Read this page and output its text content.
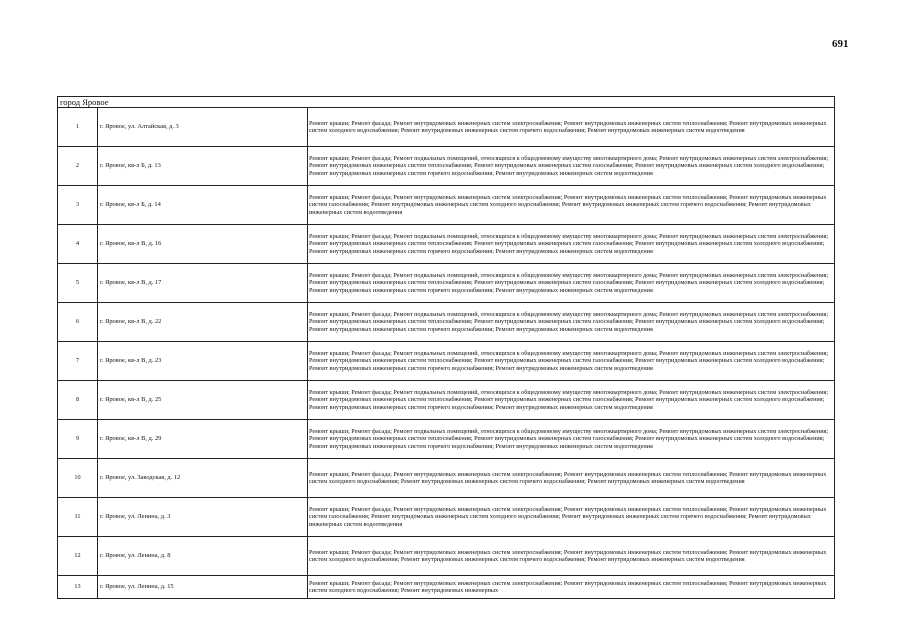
691
город Яровое		
1	г. Яровое, ул. Алтайская, д. 3	Ремонт крыши; Ремонт фасада; Ремонт внутридомовых инженерных систем электроснабжения; Ремонт внутридомовых инженерных систем теплоснабжения; Ремонт внутридомовых инженерных систем холодного водоснабжения; Ремонт внутридомовых инженерных систем горячего водоснабжения; Ремонт внутридомовых инженерных систем водоотведения
2	г. Яровое, кв-л Б, д. 13	Ремонт крыши; Ремонт фасада; Ремонт подвальных помещений, относящихся к общедомовому имуществу многоквартирного дома; Ремонт внутридомовых инженерных систем электроснабжения; Ремонт внутридомовых инженерных систем теплоснабжения; Ремонт внутридомовых инженерных систем газоснабжения; Ремонт внутридомовых инженерных систем холодного водоснабжения; Ремонт внутридомовых инженерных систем горячего водоснабжения; Ремонт внутридомовых инженерных систем водоотведения
3	г. Яровое, кв-л Б, д. 14	Ремонт крыши; Ремонт фасада; Ремонт внутридомовых инженерных систем электроснабжения; Ремонт внутридомовых инженерных систем теплоснабжения; Ремонт внутридомовых инженерных систем газоснабжения; Ремонт внутридомовых инженерных систем холодного водоснабжения; Ремонт внутридомовых инженерных систем горячего водоснабжения; Ремонт внутридомовых инженерных систем водоотведения
4	г. Яровое, кв-л В, д. 16	Ремонт крыши; Ремонт фасада; Ремонт подвальных помещений, относящихся к общедомовому имуществу многоквартирного дома; Ремонт внутридомовых инженерных систем электроснабжения; Ремонт внутридомовых инженерных систем теплоснабжения; Ремонт внутридомовых инженерных систем газоснабжения; Ремонт внутридомовых инженерных систем холодного водоснабжения; Ремонт внутридомовых инженерных систем горячего водоснабжения; Ремонт внутридомовых инженерных систем водоотведения
5	г. Яровое, кв-л В, д. 17	Ремонт крыши; Ремонт фасада; Ремонт подвальных помещений, относящихся к общедомовому имуществу многоквартирного дома; Ремонт внутридомовых инженерных систем электроснабжения; Ремонт внутридомовых инженерных систем теплоснабжения; Ремонт внутридомовых инженерных систем газоснабжения; Ремонт внутридомовых инженерных систем холодного водоснабжения; Ремонт внутридомовых инженерных систем горячего водоснабжения; Ремонт внутридомовых инженерных систем водоотведения
6	г. Яровое, кв-л В, д. 22	Ремонт крыши; Ремонт фасада; Ремонт подвальных помещений, относящихся к общедомовому имуществу многоквартирного дома; Ремонт внутридомовых инженерных систем электроснабжения; Ремонт внутридомовых инженерных систем теплоснабжения; Ремонт внутридомовых инженерных систем газоснабжения; Ремонт внутридомовых инженерных систем холодного водоснабжения; Ремонт внутридомовых инженерных систем горячего водоснабжения; Ремонт внутридомовых инженерных систем водоотведения
7	г. Яровое, кв-л В, д. 23	Ремонт крыши; Ремонт фасада; Ремонт подвальных помещений, относящихся к общедомовому имуществу многоквартирного дома; Ремонт внутридомовых инженерных систем электроснабжения; Ремонт внутридомовых инженерных систем теплоснабжения; Ремонт внутридомовых инженерных систем газоснабжения; Ремонт внутридомовых инженерных систем холодного водоснабжения; Ремонт внутридомовых инженерных систем горячего водоснабжения; Ремонт внутридомовых инженерных систем водоотведения
8	г. Яровое, кв-л В, д. 25	Ремонт крыши; Ремонт фасада; Ремонт подвальных помещений, относящихся к общедомовому имуществу многоквартирного дома; Ремонт внутридомовых инженерных систем электроснабжения; Ремонт внутридомовых инженерных систем теплоснабжения; Ремонт внутридомовых инженерных систем газоснабжения; Ремонт внутридомовых инженерных систем холодного водоснабжения; Ремонт внутридомовых инженерных систем горячего водоснабжения; Ремонт внутридомовых инженерных систем водоотведения
9	г. Яровое, кв-л В, д. 29	Ремонт крыши; Ремонт фасада; Ремонт подвальных помещений, относящихся к общедомовому имуществу многоквартирного дома; Ремонт внутридомовых инженерных систем электроснабжения; Ремонт внутридомовых инженерных систем теплоснабжения; Ремонт внутридомовых инженерных систем газоснабжения; Ремонт внутридомовых инженерных систем холодного водоснабжения; Ремонт внутридомовых инженерных систем горячего водоснабжения; Ремонт внутридомовых инженерных систем водоотведения
10	г. Яровое, ул. Заводская, д. 12	Ремонт крыши; Ремонт фасада; Ремонт внутридомовых инженерных систем электроснабжения; Ремонт внутридомовых инженерных систем теплоснабжения; Ремонт внутридомовых инженерных систем холодного водоснабжения; Ремонт внутридомовых инженерных систем горячего водоснабжения; Ремонт внутридомовых инженерных систем водоотведения
11	г. Яровое, ул. Ленина, д. 3	Ремонт крыши; Ремонт фасада; Ремонт внутридомовых инженерных систем электроснабжения; Ремонт внутридомовых инженерных систем теплоснабжения; Ремонт внутридомовых инженерных систем газоснабжения; Ремонт внутридомовых инженерных систем холодного водоснабжения; Ремонт внутридомовых инженерных систем горячего водоснабжения; Ремонт внутридомовых инженерных систем водоотведения
12	г. Яровое, ул. Ленина, д. 8	Ремонт крыши; Ремонт фасада; Ремонт внутридомовых инженерных систем электроснабжения; Ремонт внутридомовых инженерных систем теплоснабжения; Ремонт внутридомовых инженерных систем холодного водоснабжения; Ремонт внутридомовых инженерных систем горячего водоснабжения; Ремонт внутридомовых инженерных систем водоотведения
13	г. Яровое, ул. Ленина, д. 15	Ремонт крыши; Ремонт фасада; Ремонт внутридомовых инженерных систем электроснабжения; Ремонт внутридомовых инженерных систем теплоснабжения; Ремонт внутридомовых инженерных систем холодного водоснабжения; Ремонт внутридомовых инженерных
